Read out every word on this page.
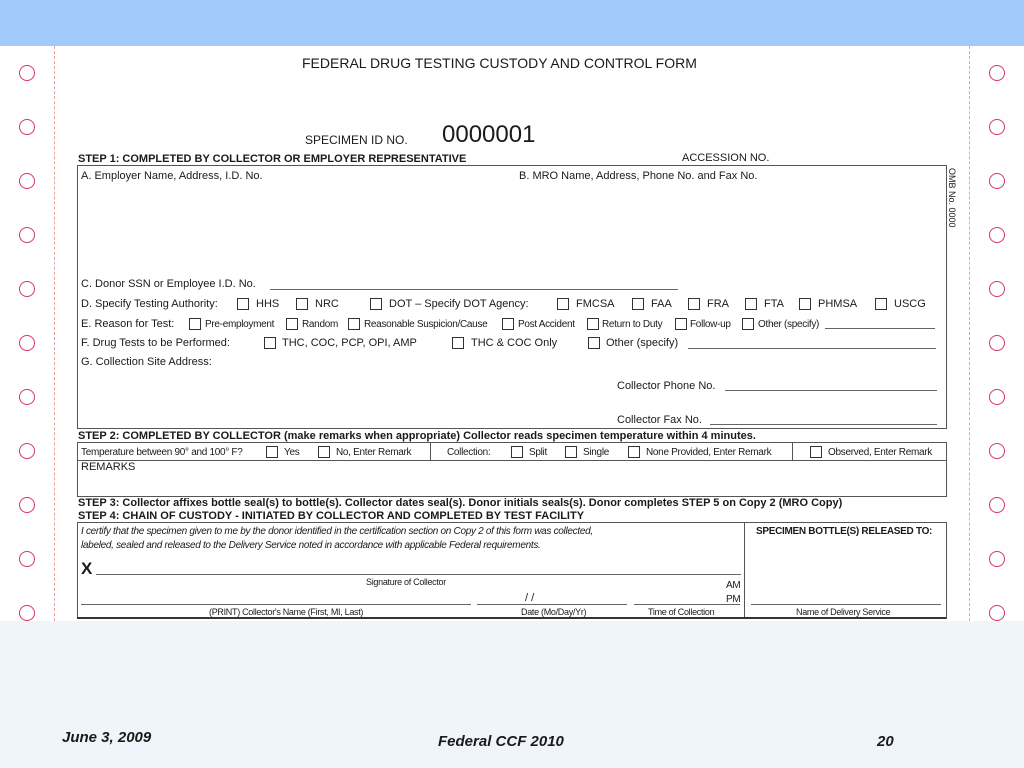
FEDERAL DRUG TESTING CUSTODY AND CONTROL FORM
SPECIMEN ID NO. 0000001
ACCESSION NO.
OMB No. 0000
STEP 1: COMPLETED BY COLLECTOR OR EMPLOYER REPRESENTATIVE
A. Employer Name, Address, I.D. No.	B. MRO Name, Address, Phone No. and Fax No.
C. Donor SSN or Employee I.D. No.
D. Specify Testing Authority:	HHS	NRC	DOT – Specify DOT Agency:	FMCSA	FAA	FRA	FTA	PHMSA	USCG
E. Reason for Test:	Pre-employment	Random	Reasonable Suspicion/Cause	Post Accident	Return to Duty	Follow-up	Other (specify)
F. Drug Tests to be Performed:	THC, COC, PCP, OPI, AMP	THC & COC Only	Other (specify)
G. Collection Site Address:
Collector Phone No.
Collector Fax No.
STEP 2: COMPLETED BY COLLECTOR (make remarks when appropriate) Collector reads specimen temperature within 4 minutes.
Temperature between 90° and 100° F?	Yes	No, Enter Remark	Collection:	Split	Single	None Provided, Enter Remark	Observed, Enter Remark
REMARKS
STEP 3: Collector affixes bottle seal(s) to bottle(s). Collector dates seal(s). Donor initials seals(s). Donor completes STEP 5 on Copy 2 (MRO Copy)
STEP 4: CHAIN OF CUSTODY - INITIATED BY COLLECTOR AND COMPLETED BY TEST FACILITY
I certify that the specimen given to me by the donor identified in the certification section on Copy 2 of this form was collected,
labeled, sealed and released to the Delivery Service noted in accordance with applicable Federal requirements.
X
Signature of Collector	AM
PM
/ /
(PRINT) Collector's Name (First, MI, Last)	Date (Mo/Day/Yr)	Time of Collection
SPECIMEN BOTTLE(S) RELEASED TO:
Name of Delivery Service
June 3, 2009	Federal CCF 2010	20
